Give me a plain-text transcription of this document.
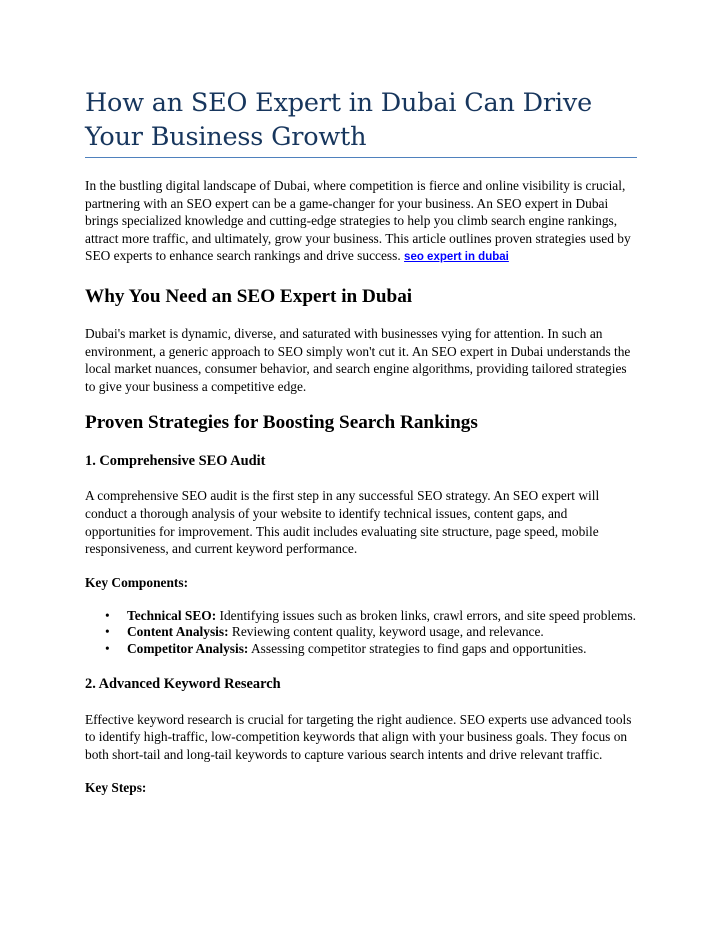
How an SEO Expert in Dubai Can Drive Your Business Growth

In the bustling digital landscape of Dubai, where competition is fierce and online visibility is crucial, partnering with an SEO expert can be a game-changer for your business. An SEO expert in Dubai brings specialized knowledge and cutting-edge strategies to help you climb search engine rankings, attract more traffic, and ultimately, grow your business. This article outlines proven strategies used by SEO experts to enhance search rankings and drive success. seo expert in dubai

Why You Need an SEO Expert in Dubai

Dubai's market is dynamic, diverse, and saturated with businesses vying for attention. In such an environment, a generic approach to SEO simply won't cut it. An SEO expert in Dubai understands the local market nuances, consumer behavior, and search engine algorithms, providing tailored strategies to give your business a competitive edge.

Proven Strategies for Boosting Search Rankings
1. Comprehensive SEO Audit

A comprehensive SEO audit is the first step in any successful SEO strategy. An SEO expert will conduct a thorough analysis of your website to identify technical issues, content gaps, and opportunities for improvement. This audit includes evaluating site structure, page speed, mobile responsiveness, and current keyword performance.

Key Components:
• Technical SEO: Identifying issues such as broken links, crawl errors, and site speed problems.
• Content Analysis: Reviewing content quality, keyword usage, and relevance.
• Competitor Analysis: Assessing competitor strategies to find gaps and opportunities.
2. Advanced Keyword Research

Effective keyword research is crucial for targeting the right audience. SEO experts use advanced tools to identify high-traffic, low-competition keywords that align with your business goals. They focus on both short-tail and long-tail keywords to capture various search intents and drive relevant traffic.

Key Steps:
